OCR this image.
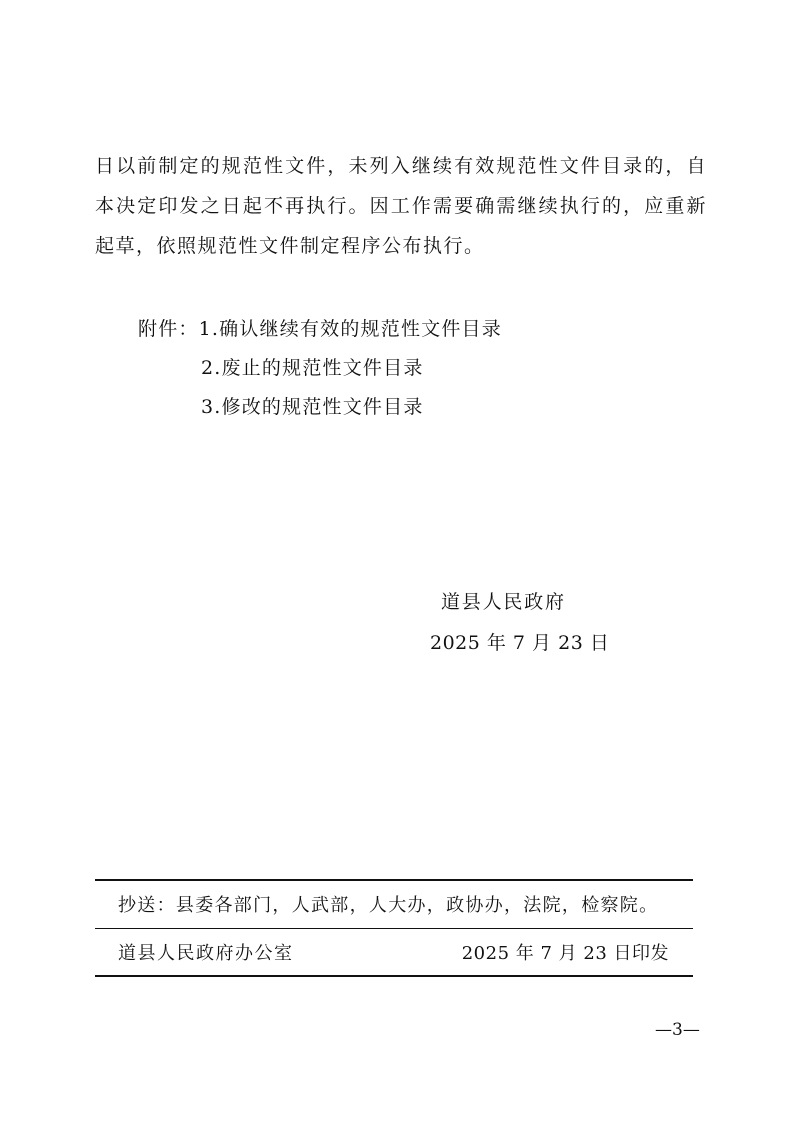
日以前制定的规范性文件，未列入继续有效规范性文件目录的，自本决定印发之日起不再执行。因工作需要确需继续执行的，应重新起草，依照规范性文件制定程序公布执行。

附件：1.确认继续有效的规范性文件目录
2.废止的规范性文件目录
3.修改的规范性文件目录
道县人民政府
2025 年 7 月 23 日
抄送：县委各部门，人武部，人大办，政协办，法院，检察院。
道县人民政府办公室	2025 年 7 月 23 日印发
—3—
